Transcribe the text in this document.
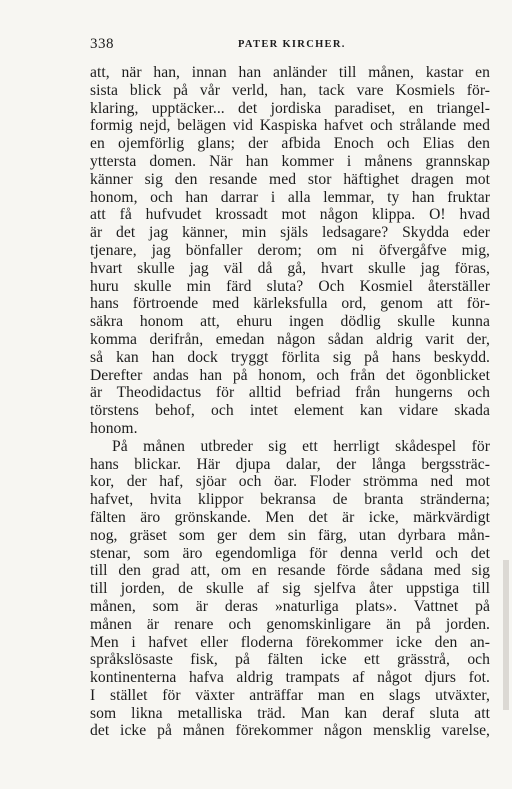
338	PATER KIRCHER.
att, när han, innan han anländer till månen, kastar en
sista blick på vår verld, han, tack vare Kosmiels för-
klaring, upptäcker... det jordiska paradiset, en triangel-
formig nejd, belägen vid Kaspiska hafvet och strålande med
en ojemförlig glans; der afbida Enoch och Elias den
yttersta domen. När han kommer i månens grannskap
känner sig den resande med stor häftighet dragen mot
honom, och han darrar i alla lemmar, ty han fruktar
att få hufvudet krossadt mot någon klippa. O! hvad
är det jag känner, min själs ledsagare? Skydda eder
tjenare, jag bönfaller derom; om ni öfvergåfve mig,
hvart skulle jag väl då gå, hvart skulle jag föras,
huru skulle min färd sluta? Och Kosmiel återställer
hans förtroende med kärleksfulla ord, genom att för-
säkra honom att, ehuru ingen dödlig skulle kunna
komma derifrån, emedan någon sådan aldrig varit der,
så kan han dock tryggt förlita sig på hans beskydd.
Derefter andas han på honom, och från det ögonblicket
är Theodidactus för alltid befriad från hungerns och
törstens behof, och intet element kan vidare skada
honom.
På månen utbreder sig ett herrligt skådespel för
hans blickar. Här djupa dalar, der långa bergssträc-
kor, der haf, sjöar och öar. Floder strömma ned mot
hafvet, hvita klippor bekransa de branta stränderna;
fälten äro grönskande. Men det är icke, märkvärdigt
nog, gräset som ger dem sin färg, utan dyrbara mån-
stenar, som äro egendomliga för denna verld och det
till den grad att, om en resande förde sådana med sig
till jorden, de skulle af sig sjelfva åter uppstiga till
månen, som är deras »naturliga plats». Vattnet på
månen är renare och genomskinligare än på jorden.
Men i hafvet eller floderna förekommer icke den an-
språkslösaste fisk, på fälten icke ett grässtrå, och
kontinenterna hafva aldrig trampats af något djurs fot.
I stället för växter anträffar man en slags utväxter,
som likna metalliska träd. Man kan deraf sluta att
det icke på månen förekommer någon mensklig varelse,
